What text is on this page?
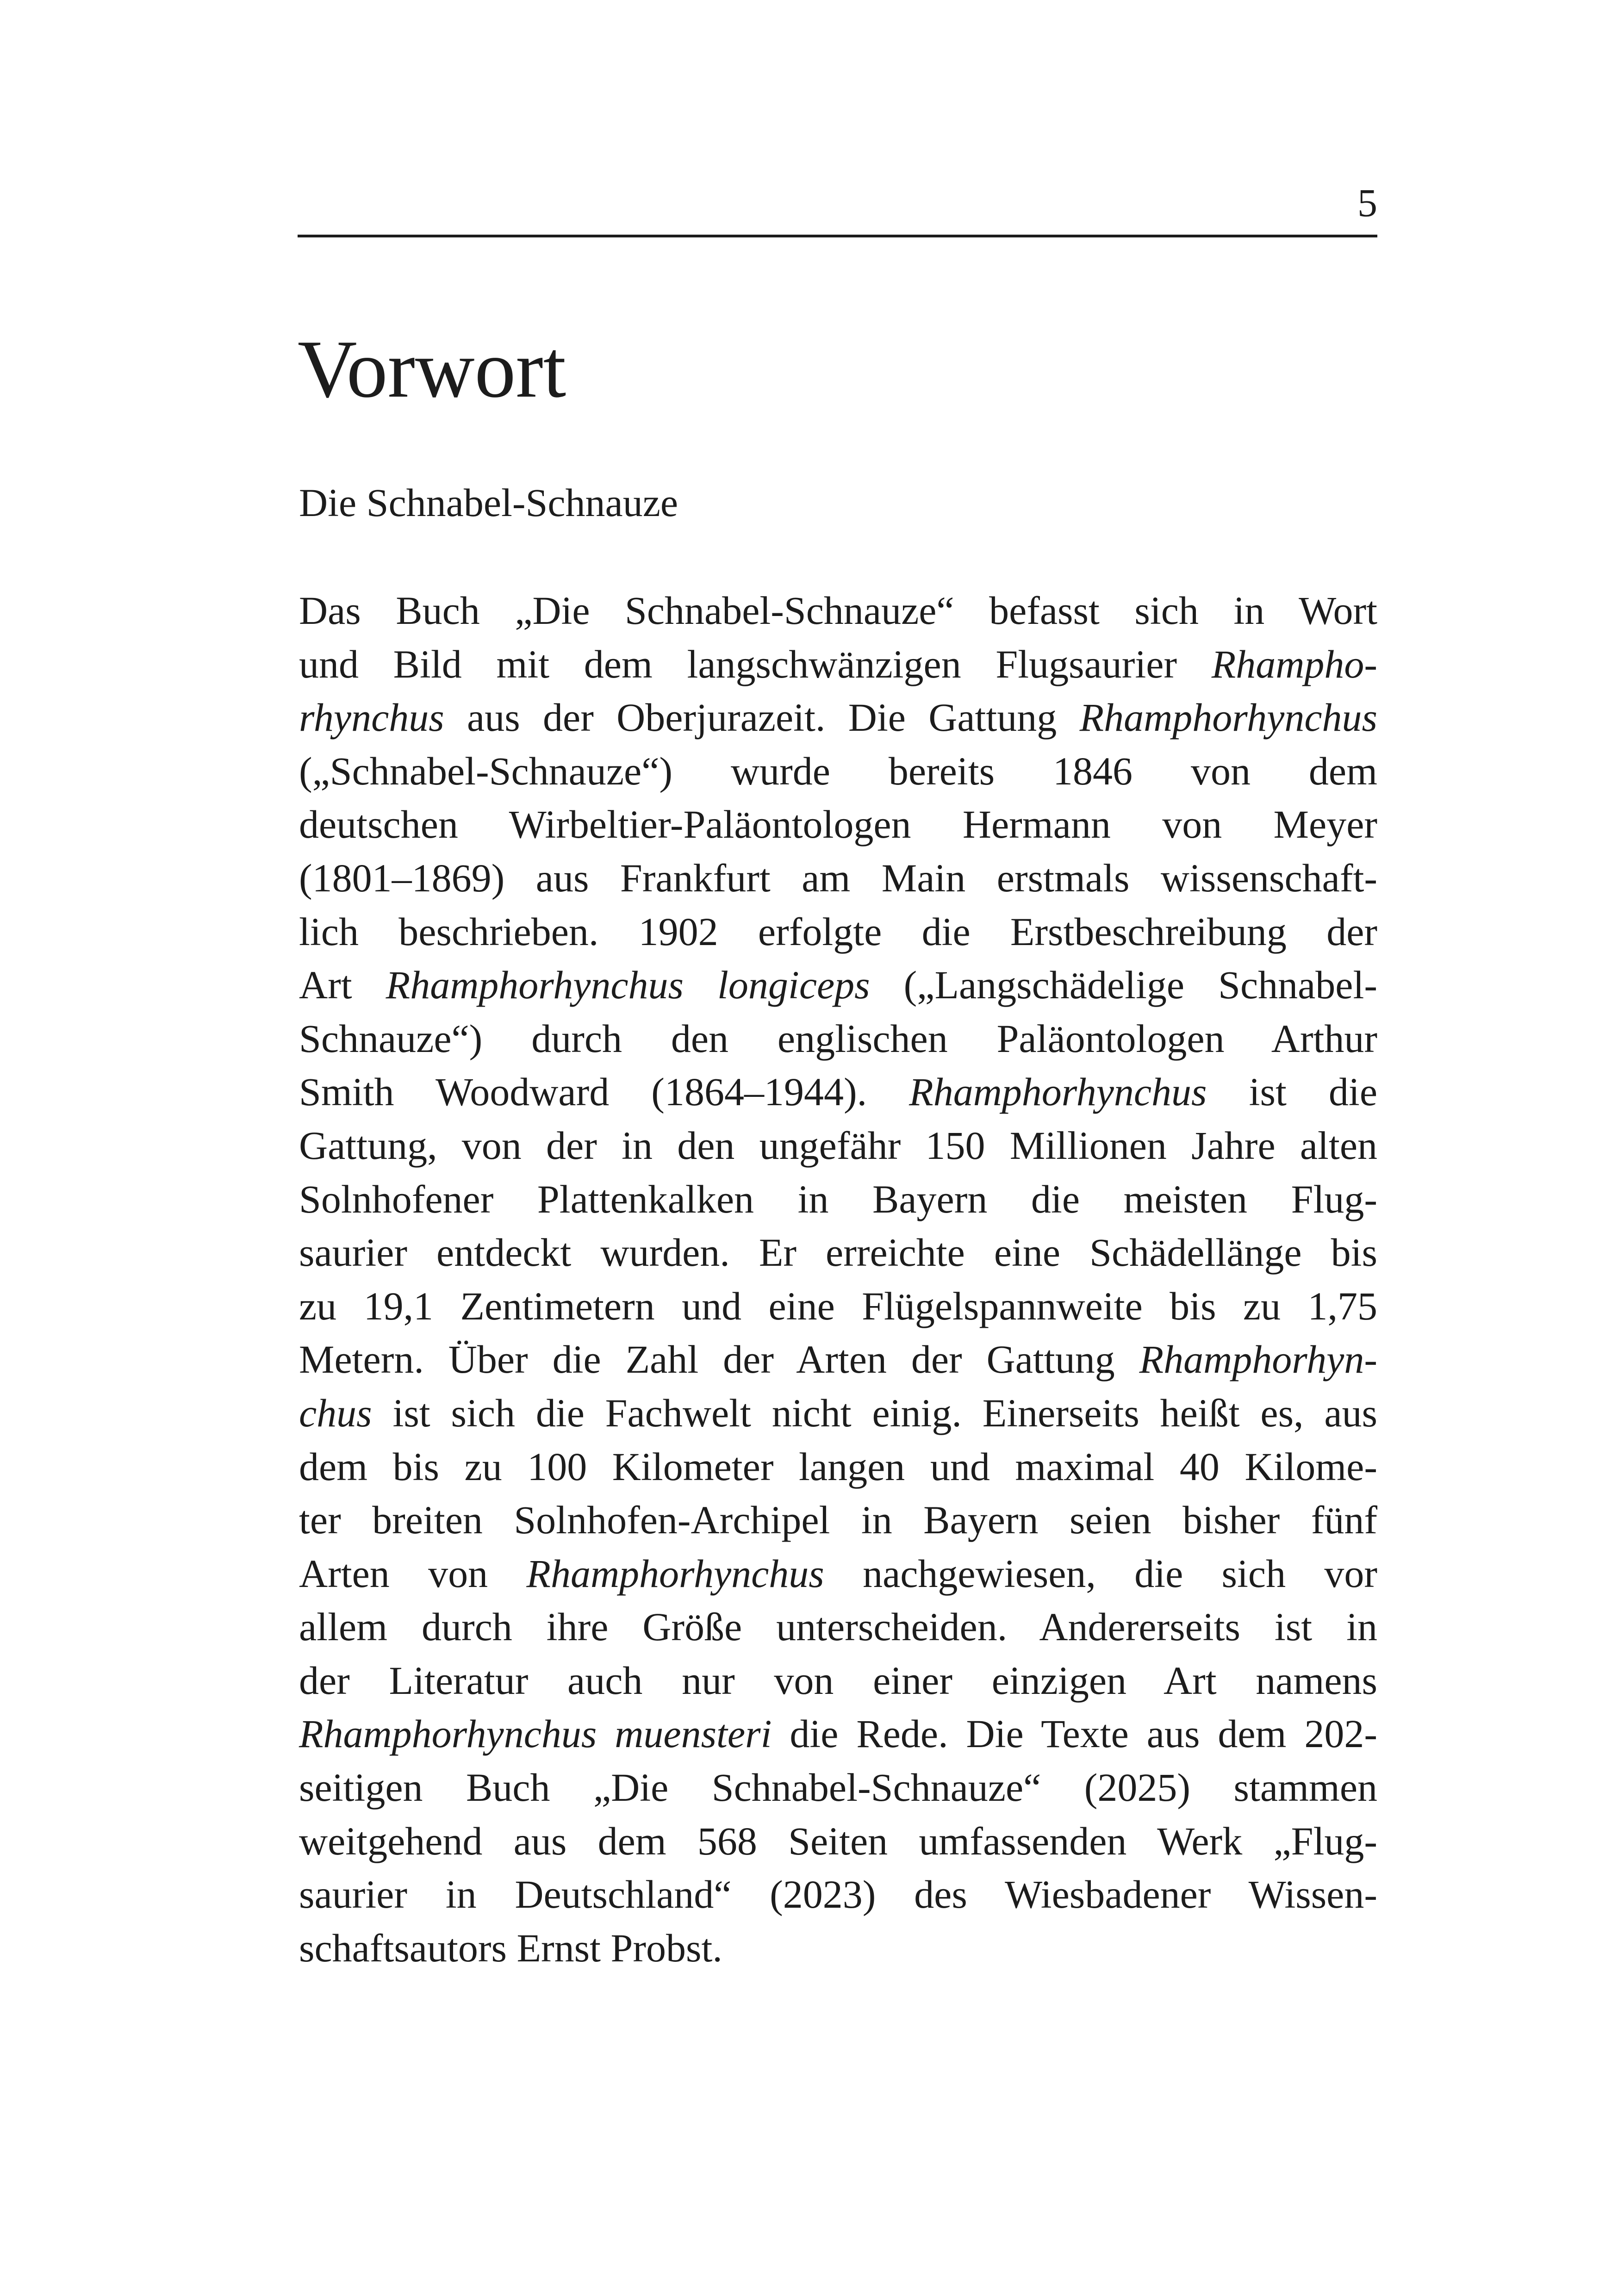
5
Vorwort

Die Schnabel-Schnauze

Das Buch „Die Schnabel-Schnauze“ befasst sich in Wort
und Bild mit dem langschwänzigen Flugsaurier Rhampho-
rhynchus aus der Oberjurazeit. Die Gattung Rhamphorhynchus
(„Schnabel-Schnauze“) wurde bereits 1846 von dem
deutschen Wirbeltier-Paläontologen Hermann von Meyer
(1801–1869) aus Frankfurt am Main erstmals wissenschaft-
lich beschrieben. 1902 erfolgte die Erstbeschreibung der
Art Rhamphorhynchus longiceps („Langschädelige Schnabel-
Schnauze“) durch den englischen Paläontologen Arthur
Smith Woodward (1864–1944). Rhamphorhynchus ist die
Gattung, von der in den ungefähr 150 Millionen Jahre alten
Solnhofener Plattenkalken in Bayern die meisten Flug-
saurier entdeckt wurden. Er erreichte eine Schädellänge bis
zu 19,1 Zentimetern und eine Flügelspannweite bis zu 1,75
Metern. Über die Zahl der Arten der Gattung Rhamphorhyn-
chus ist sich die Fachwelt nicht einig. Einerseits heißt es, aus
dem bis zu 100 Kilometer langen und maximal 40 Kilome-
ter breiten Solnhofen-Archipel in Bayern seien bisher fünf
Arten von Rhamphorhynchus nachgewiesen, die sich vor
allem durch ihre Größe unterscheiden. Andererseits ist in
der Literatur auch nur von einer einzigen Art namens
Rhamphorhynchus muensteri die Rede. Die Texte aus dem 202-
seitigen Buch „Die Schnabel-Schnauze“ (2025) stammen
weitgehend aus dem 568 Seiten umfassenden Werk „Flug-
saurier in Deutschland“ (2023) des Wiesbadener Wissen-
schaftsautors Ernst Probst.
